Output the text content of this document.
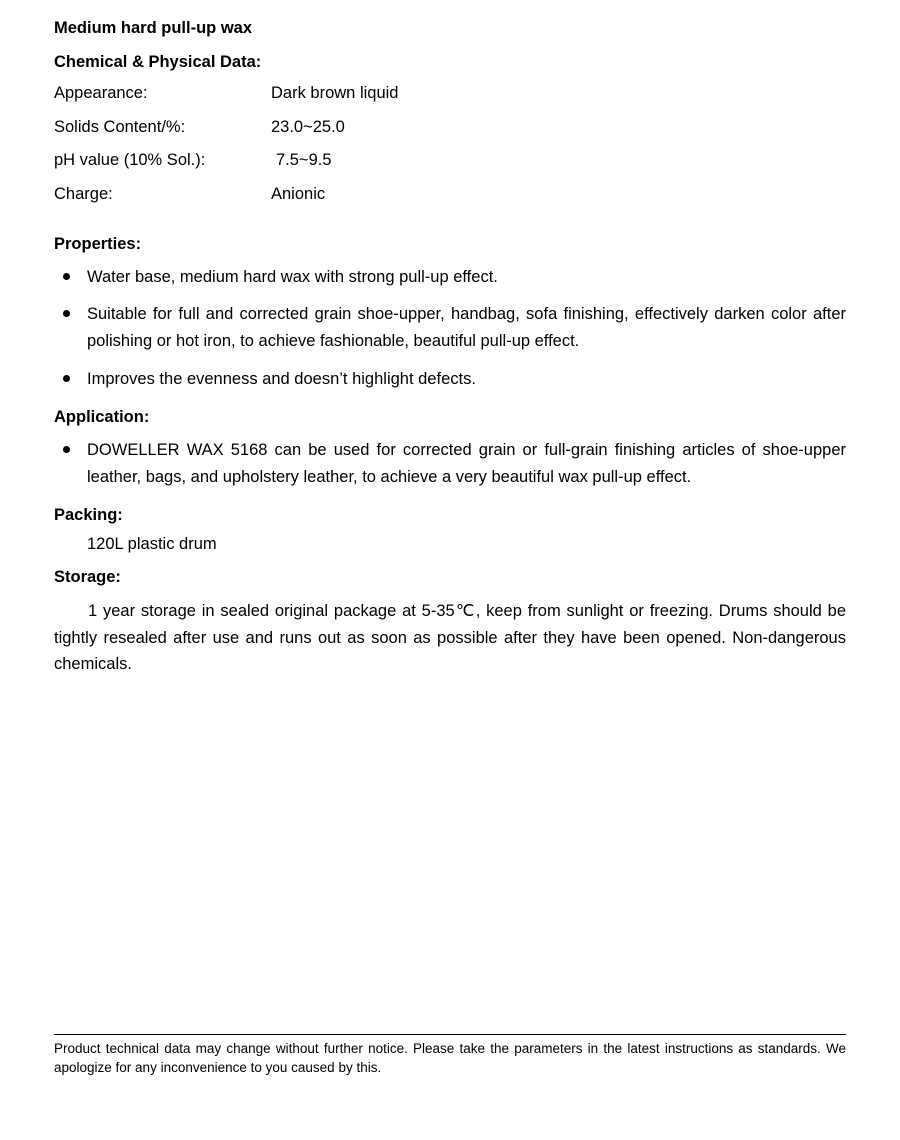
Medium hard pull-up wax
Chemical & Physical Data:
Appearance:	Dark brown liquid
Solids Content/%:	23.0~25.0
pH value (10% Sol.):	7.5~9.5
Charge:	Anionic
Properties:
Water base, medium hard wax with strong pull-up effect.
Suitable for full and corrected grain shoe-upper, handbag, sofa finishing, effectively darken color after polishing or hot iron, to achieve fashionable, beautiful pull-up effect.
Improves the evenness and doesn’t highlight defects.
Application:
DOWELLER WAX 5168 can be used for corrected grain or full-grain finishing articles of shoe-upper leather, bags, and upholstery leather, to achieve a very beautiful wax pull-up effect.
Packing:
120L plastic drum
Storage:
1 year storage in sealed original package at 5-35℃, keep from sunlight or freezing. Drums should be tightly resealed after use and runs out as soon as possible after they have been opened. Non-dangerous chemicals.
Product technical data may change without further notice. Please take the parameters in the latest instructions as standards. We apologize for any inconvenience to you caused by this.
